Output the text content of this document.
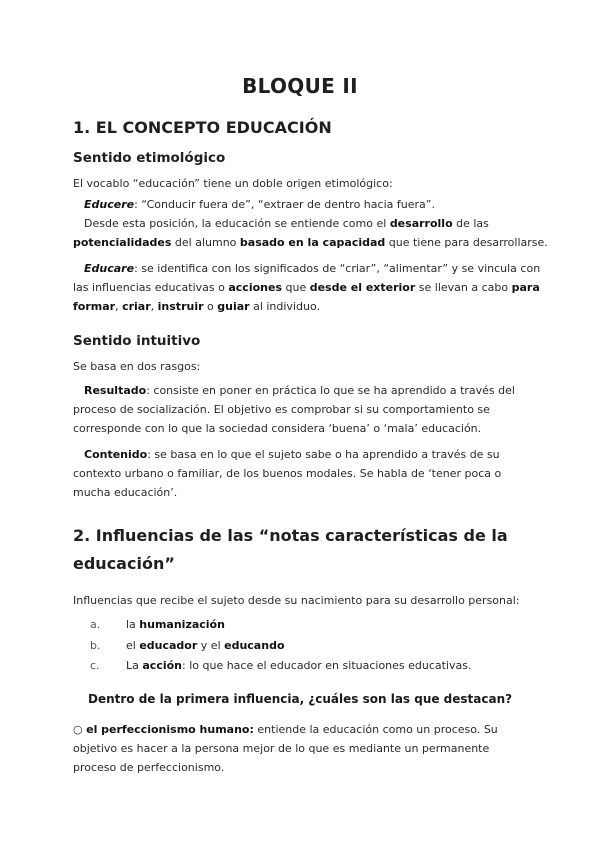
BLOQUE II
1. EL CONCEPTO EDUCACIÓN
Sentido etimológico
El vocablo “educación” tiene un doble origen etimológico:
Educere: “Conducir fuera de”, “extraer de dentro hacia fuera”.
Desde esta posición, la educación se entiende como el desarrollo de las
potencialidades del alumno basado en la capacidad que tiene para desarrollarse.
Educare: se identifica con los significados de “criar”, “alimentar” y se vincula con
las influencias educativas o acciones que desde el exterior se llevan a cabo para
formar, criar, instruir o guiar al individuo.
Sentido intuitivo
Se basa en dos rasgos:
Resultado: consiste en poner en práctica lo que se ha aprendido a través del
proceso de socialización. El objetivo es comprobar si su comportamiento se
corresponde con lo que la sociedad considera ‘buena’ o ‘mala’ educación.
Contenido: se basa en lo que el sujeto sabe o ha aprendido a través de su
contexto urbano o familiar, de los buenos modales. Se habla de ‘tener poca o
mucha educación’.
2. Influencias de las “notas características de la
educación”
Influencias que recibe el sujeto desde su nacimiento para su desarrollo personal:
a. la humanización
b. el educador y el educando
c. La acción: lo que hace el educador en situaciones educativas.
Dentro de la primera influencia, ¿cuáles son las que destacan?
○ el perfeccionismo humano: entiende la educación como un proceso. Su
objetivo es hacer a la persona mejor de lo que es mediante un permanente
proceso de perfeccionismo.
